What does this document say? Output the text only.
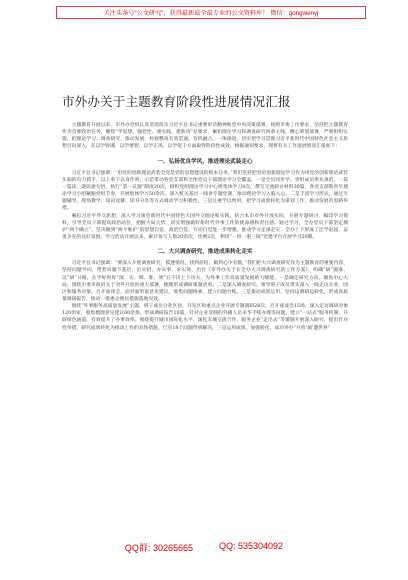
关注头条号“公文研究”，获得最新最全最专业的公文资料库！ 微信：gongwenyj
市外办关于主题教育阶段性进展情况汇报

主题教育开展以来，市外办党组认真贯彻落实习近平总书记重要讲话精神和党中央决策部署，按照市委工作要求，坚持把主题教育作为首要政治任务，聚焦“学思想、强党性、重实践、建新功”总要求，紧扣理论学习和调查研究两条主线，精心筹划部署，严密组织实施，把理论学习、调查研究、推动发展、检视整改有效贯通，有机融合，一体推进，切实把学习贯彻习近平新时代中国特色社会主义思想引向深入，在以学铸魂、以学增智、以学正风、以学促干方面取得阶段性成效。根据通知要求，现将有关工作进展情况汇报如下：

一、弘扬优良学风，推进理论武装走心

习近平总书记强调：“用党的创新理论武装全党是党的思想建设的根本任务。”我们坚持把党的创新理论学习作为用党的创新理论武装头脑的有力抓手，以上率下以身作则，示范带动各党支部和全体党员干部理论学习全覆盖。一是全员同步学。党组成员率先垂范，一篇一篇读、逐段逐句悟，执行“第一议题”制度20次，组织党组理论学习中心组集体学习8次，撰写交流研讨材料30篇，各党支部和青年理论学习小组紧跟党组节奏，开展集体学习50余次，深入机关基层一线讲专题党课，推动理论学习入脑入心。二是丰富学习形式，通过专题辅导、现场教学、知识竞赛、读书分享等方式调动学习积极性。三是注重学以致用，把学习成果转化为谋划工作、推动发展的思路举措。

紧扣习近平外交思想，深入学习领会新时代中国特色大国外交理论和实践，结合本市对外开放实际，开展专题研讨，编印学习资料，引导党员干部提高政治站位，把握大局大势，切实增强做好新时代外事工作的使命感和责任感。通过学习，全办党员干部坚定拥护“两个确立”、坚决做到“两个维护”的思想自觉、政治自觉、行动自觉进一步增强。推动学习走深走实，全办上下形成了比学赶超、奋勇争先的良好氛围。学习活动开展以来，累计参与人数20余次，比例2次，利用“一组一册三探”党建平台开展学习20期。

二、大兴调查研究，推进成果转化走实

习近平总书记强调：“要深入开展调查研究，摸透情况，找到症结，做到心中有数。”我们把大兴调查研究作为主题教育的重要内容，坚持问题导向，带着问题下基层、出实招、办实事、求实效，出台《市外办关于在全办大兴调查研究的工作方案》，明确“研”题准、以“研”开路，在学好用好“深、实、细、准、效”五字诀上下功夫，为外事工作高质量发展助力赋能。一是确定研究方向。聚焦中心大局，围绕市委市政府关于对外开放的重大部署，梳理形成调研课题清单。二是深入调查研究。领导班子成员带头深入一线走访企业、园区和服务对象，召开座谈会，面对面听取意见建议，收集问题线索，建立问题台账。三是推动成果运用。坚持边调研边转化，形成高质量调研报告，推动一批惠企便民措施落地见效。

围绕“外事服务高质量发展”主题，班子成员分赴区县、开发区和重点企业开展专题调研28次，召开座谈会15场，深入走访调研对象120余家，收集梳理意见建议60余条，形成调研报告10篇。针对企业反映的外籍人员来华手续办理等问题，建立“一站式”服务机制，开辟绿色通道，有效提升了办事效率。围绕提升城市国际化水平、深化友城交流合作、服务企业“走出去”等课题开展深入研究，提出针对性举措，研究成果转化为推动工作的具体措施，已有18个问题得到解决，三是运用成果，加强转化，成功举办“开放‘城’邀世界”

QQ群: 30265665	QQ: 535304092
